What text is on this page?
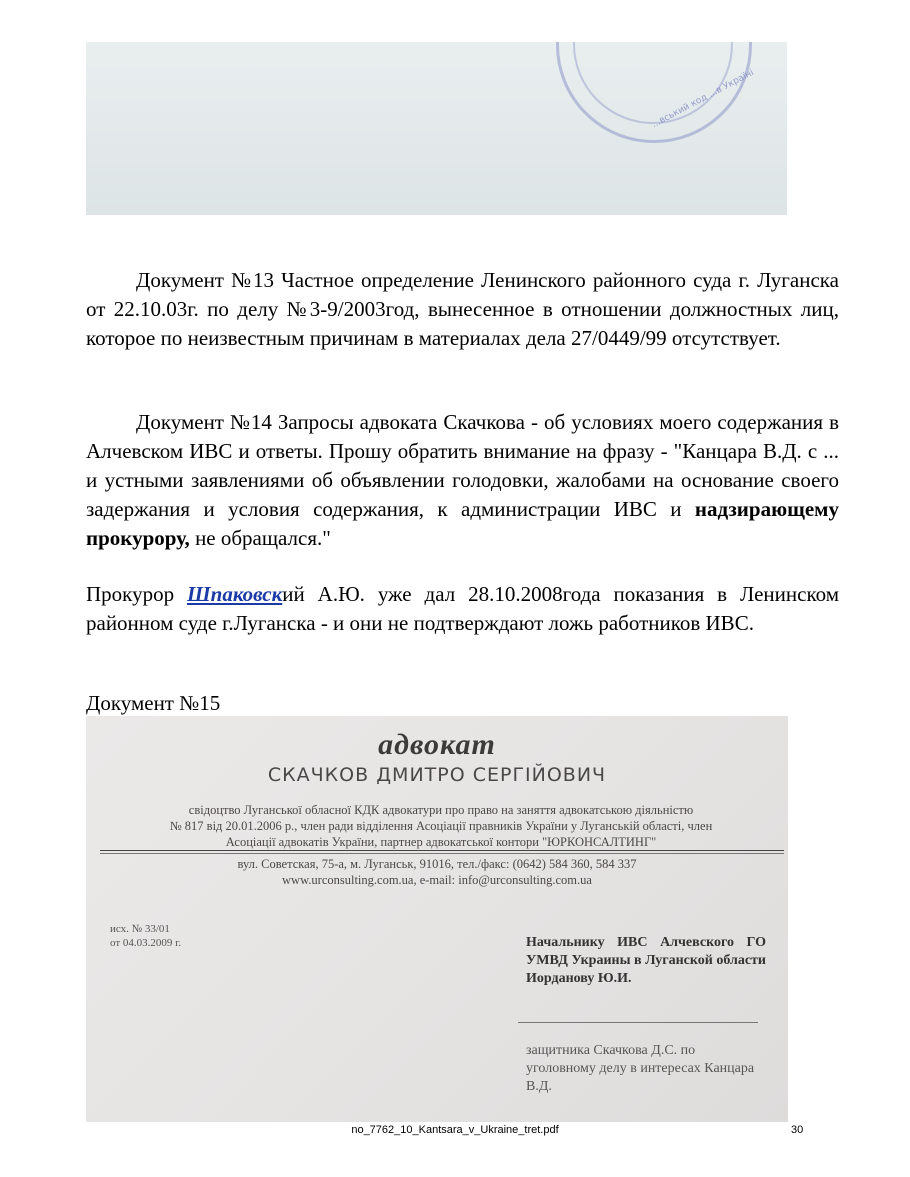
...вський код ...в Україні
Документ №13 Частное определение Ленинского районного суда г. Луганска от 22.10.03г. по делу №3-9/2003год, вынесенное в отношении должностных лиц, которое по неизвестным причинам в материалах дела 27/0449/99 отсутствует.
Документ №14 Запросы адвоката Скачкова - об условиях моего содержания в Алчевском ИВС и ответы. Прошу обратить внимание на фразу - "Канцара В.Д. с ... и устными заявлениями об объявлении голодовки, жалобами на основание своего задержания и условия содержания, к администрации ИВС и надзирающему прокурору, не обращался."
Прокурор Шпаковский А.Ю. уже дал 28.10.2008года показания в Ленинском районном суде г.Луганска - и они не подтверждают ложь работников ИВС.
Документ №15
адвокат
СКАЧКОВ ДМИТРО СЕРГІЙОВИЧ
свідоцтво Луганської обласної КДК адвокатури про право на заняття адвокатською діяльністю
№ 817 від 20.01.2006 р., член ради відділення Асоціації правників України у Луганській області, член
Асоціації адвокатів України, партнер адвокатської контори "ЮРКОНСАЛТИНГ"
вул. Советская, 75-а, м. Луганськ, 91016, тел./факс: (0642) 584 360, 584 337
www.urconsulting.com.ua, e-mail: info@urconsulting.com.ua
исх. № 33/01
от 04.03.2009 г.	Начальнику ИВС Алчевского ГО УМВД Украины в Луганской области Иорданову Ю.И.
защитника Скачкова Д.С. по уголовному делу в интересах Канцара В.Д.
no_7762_10_Kantsara_v_Ukraine_tret.pdf	30
